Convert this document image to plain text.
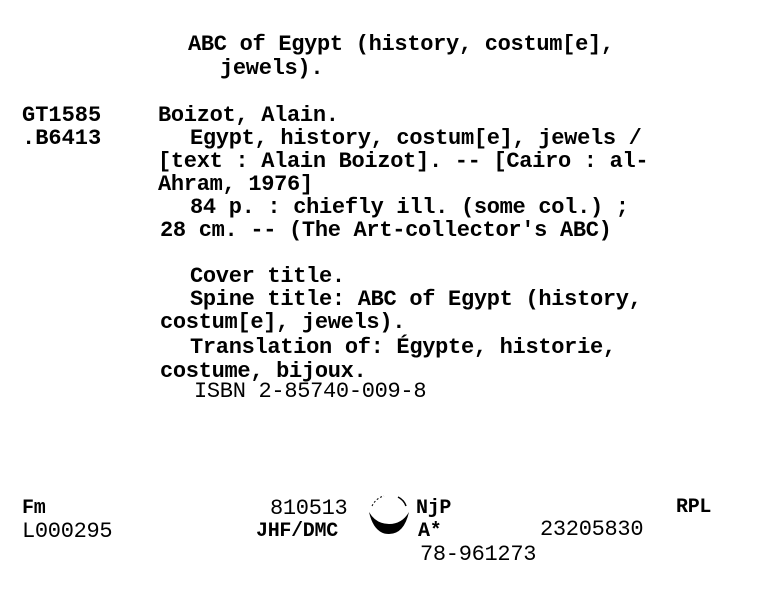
ABC of Egypt (history, costum[e],
jewels).
GT1585
.B6413
Boizot, Alain.
Egypt, history, costum[e], jewels /
[text : Alain Boizot]. -- [Cairo : al-
Ahram, 1976]
84 p. : chiefly ill. (some col.) ;
28 cm. -- (The Art-collector's ABC)
Cover title.
Spine title: ABC of Egypt (history,
costum[e], jewels).
Translation of: Égypte, historie,
costume, bijoux.
ISBN 2-85740-009-8
Fm
L000295
810513
JHF/DMC
NjP
A*
78-961273
23205830
RPL
